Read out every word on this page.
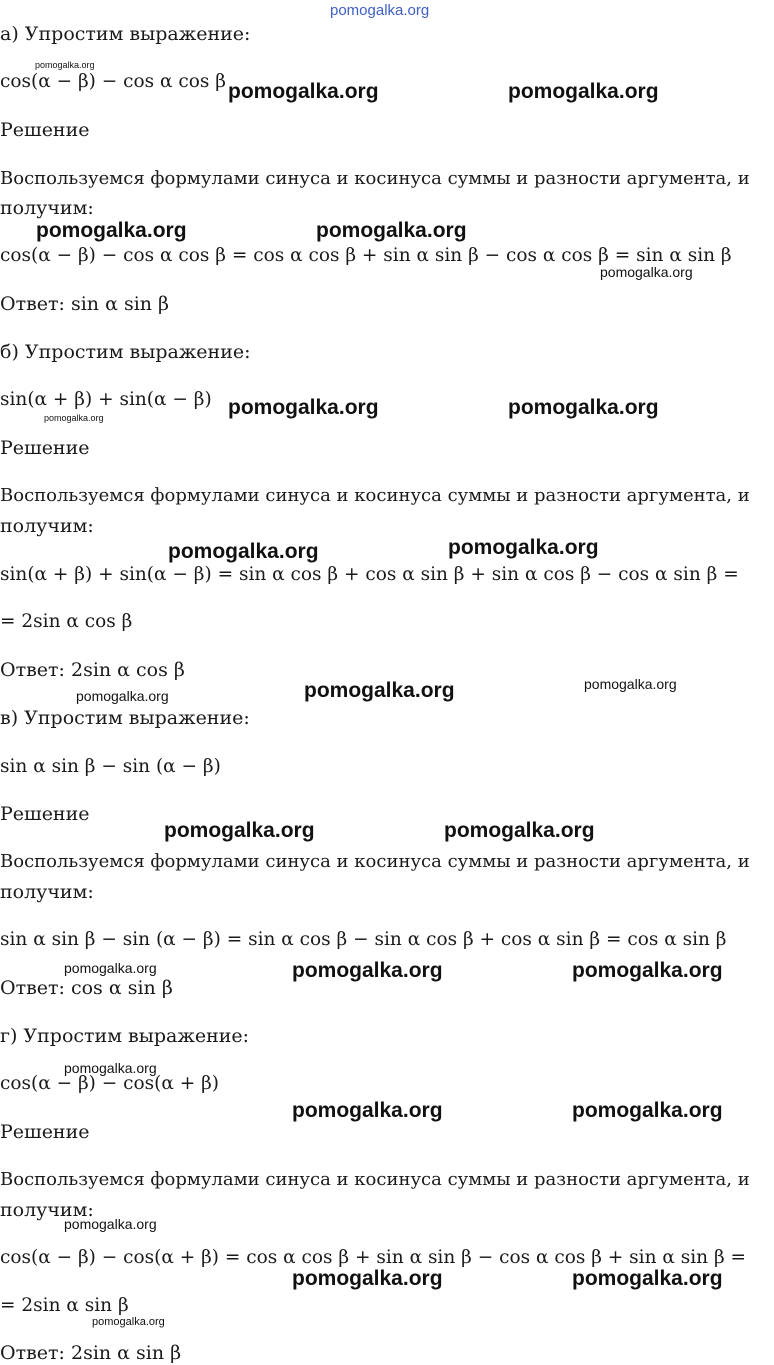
pomogalka.org
а) Упростим выражение:
pomogalka.org
cos(α − β) − cos α cos β pomogalka.org	pomogalka.org
Решение
Воспользуемся формулами синуса и косинуса суммы и разности аргумента, и
получим:
pomogalka.org	pomogalka.org
cos(α − β) − cos α cos β = cos α cos β + sin α sin β − cos α cos β = sin α sin β
pomogalka.org
Ответ: sin α sin β
б) Упростим выражение:
sin(α + β) + sin(α − β) pomogalka.org	pomogalka.org
pomogalka.org
Решение
Воспользуемся формулами синуса и косинуса суммы и разности аргумента, и
получим:
pomogalka.org	pomogalka.org
sin(α + β) + sin(α − β) = sin α cos β + cos α sin β + sin α cos β − cos α sin β =
= 2sin α cos β
Ответ: 2sin α cos β
pomogalka.org	pomogalka.org	pomogalka.org
в) Упростим выражение:
sin α sin β − sin (α − β)
Решение
pomogalka.org	pomogalka.org
Воспользуемся формулами синуса и косинуса суммы и разности аргумента, и
получим:
sin α sin β − sin (α − β) = sin α cos β − sin α cos β + cos α sin β = cos α sin β
pomogalka.org	pomogalka.org	pomogalka.org
Ответ: cos α sin β
г) Упростим выражение:
pomogalka.org
cos(α − β) − cos(α + β)
pomogalka.org	pomogalka.org
Решение
Воспользуемся формулами синуса и косинуса суммы и разности аргумента, и
получим:
pomogalka.org
cos(α − β) − cos(α + β) = cos α cos β + sin α sin β − cos α cos β + sin α sin β =
pomogalka.org	pomogalka.org
= 2sin α sin β
pomogalka.org
Ответ: 2sin α sin β
